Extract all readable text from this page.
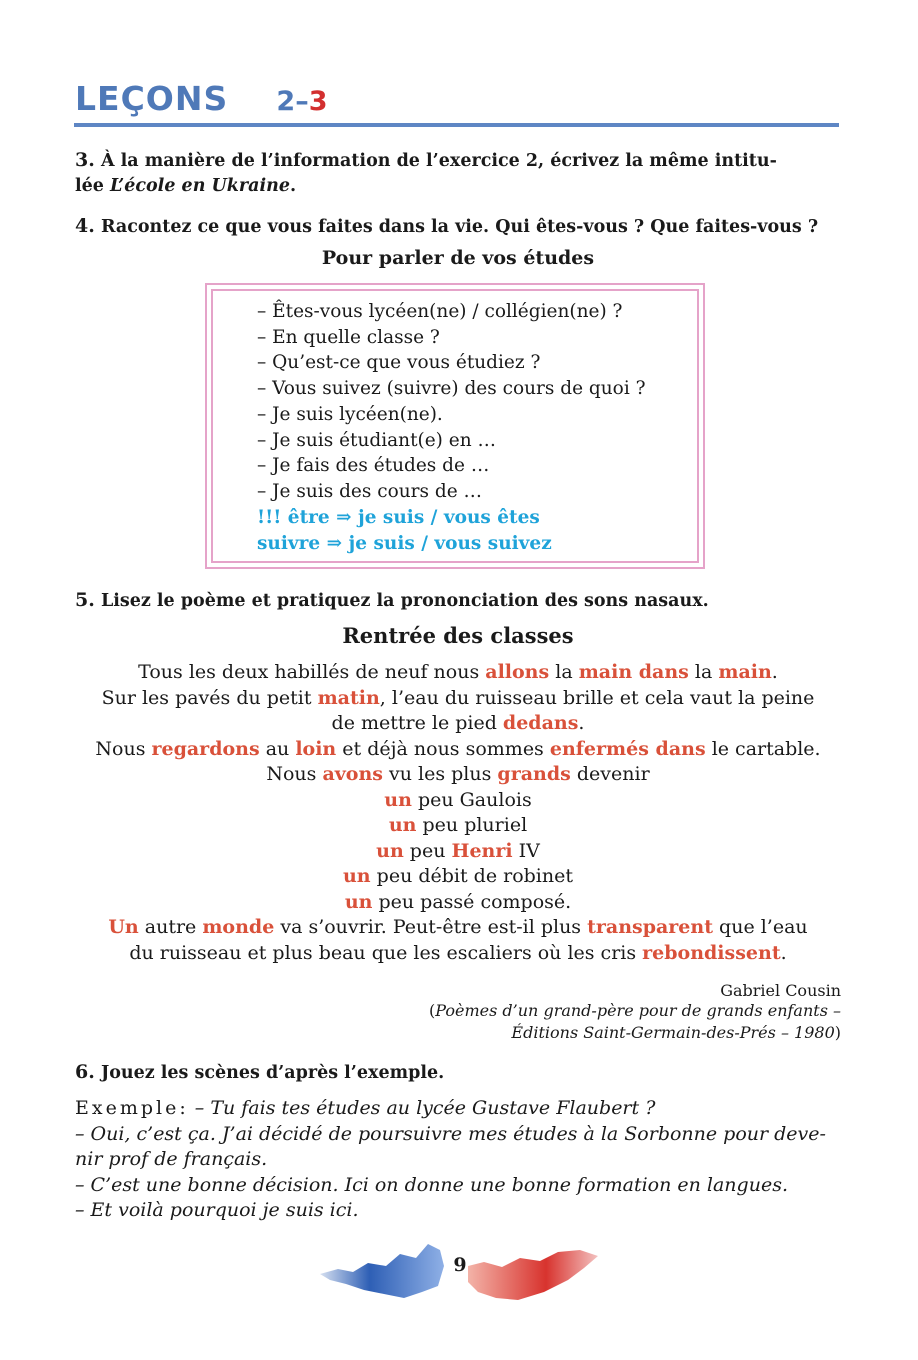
LEÇONS 2–3
3. À la manière de l’information de l’exercice 2, écrivez la même intitu-
lée L’école en Ukraine.
4. Racontez ce que vous faites dans la vie. Qui êtes-vous ? Que faites-vous ?
Pour parler de vos études
– Êtes-vous lycéen(ne) / collégien(ne) ?
– En quelle classe ?
– Qu’est-ce que vous étudiez ?
– Vous suivez (suivre) des cours de quoi ?
– Je suis lycéen(ne).
– Je suis étudiant(e) en …
– Je fais des études de …
– Je suis des cours de …
!!! être ⇒ je suis / vous êtes
suivre ⇒ je suis / vous suivez
5. Lisez le poème et pratiquez la prononciation des sons nasaux.
Rentrée des classes
Tous les deux habillés de neuf nous allons la main dans la main.
Sur les pavés du petit matin, l’eau du ruisseau brille et cela vaut la peine
de mettre le pied dedans.
Nous regardons au loin et déjà nous sommes enfermés dans le cartable.
Nous avons vu les plus grands devenir
un peu Gaulois
un peu pluriel
un peu Henri IV
un peu débit de robinet
un peu passé composé.
Un autre monde va s’ouvrir. Peut-être est-il plus transparent que l’eau
du ruisseau et plus beau que les escaliers où les cris rebondissent.
Gabriel Cousin
(Poèmes d’un grand-père pour de grands enfants –
Éditions Saint-Germain-des-Prés – 1980)
6. Jouez les scènes d’après l’exemple.
Exemple: – Tu fais tes études au lycée Gustave Flaubert ?
– Oui, c’est ça. J’ai décidé de poursuivre mes études à la Sorbonne pour deve-
nir prof de français.
– C’est une bonne décision. Ici on donne une bonne formation en langues.
– Et voilà pourquoi je suis ici.
9
